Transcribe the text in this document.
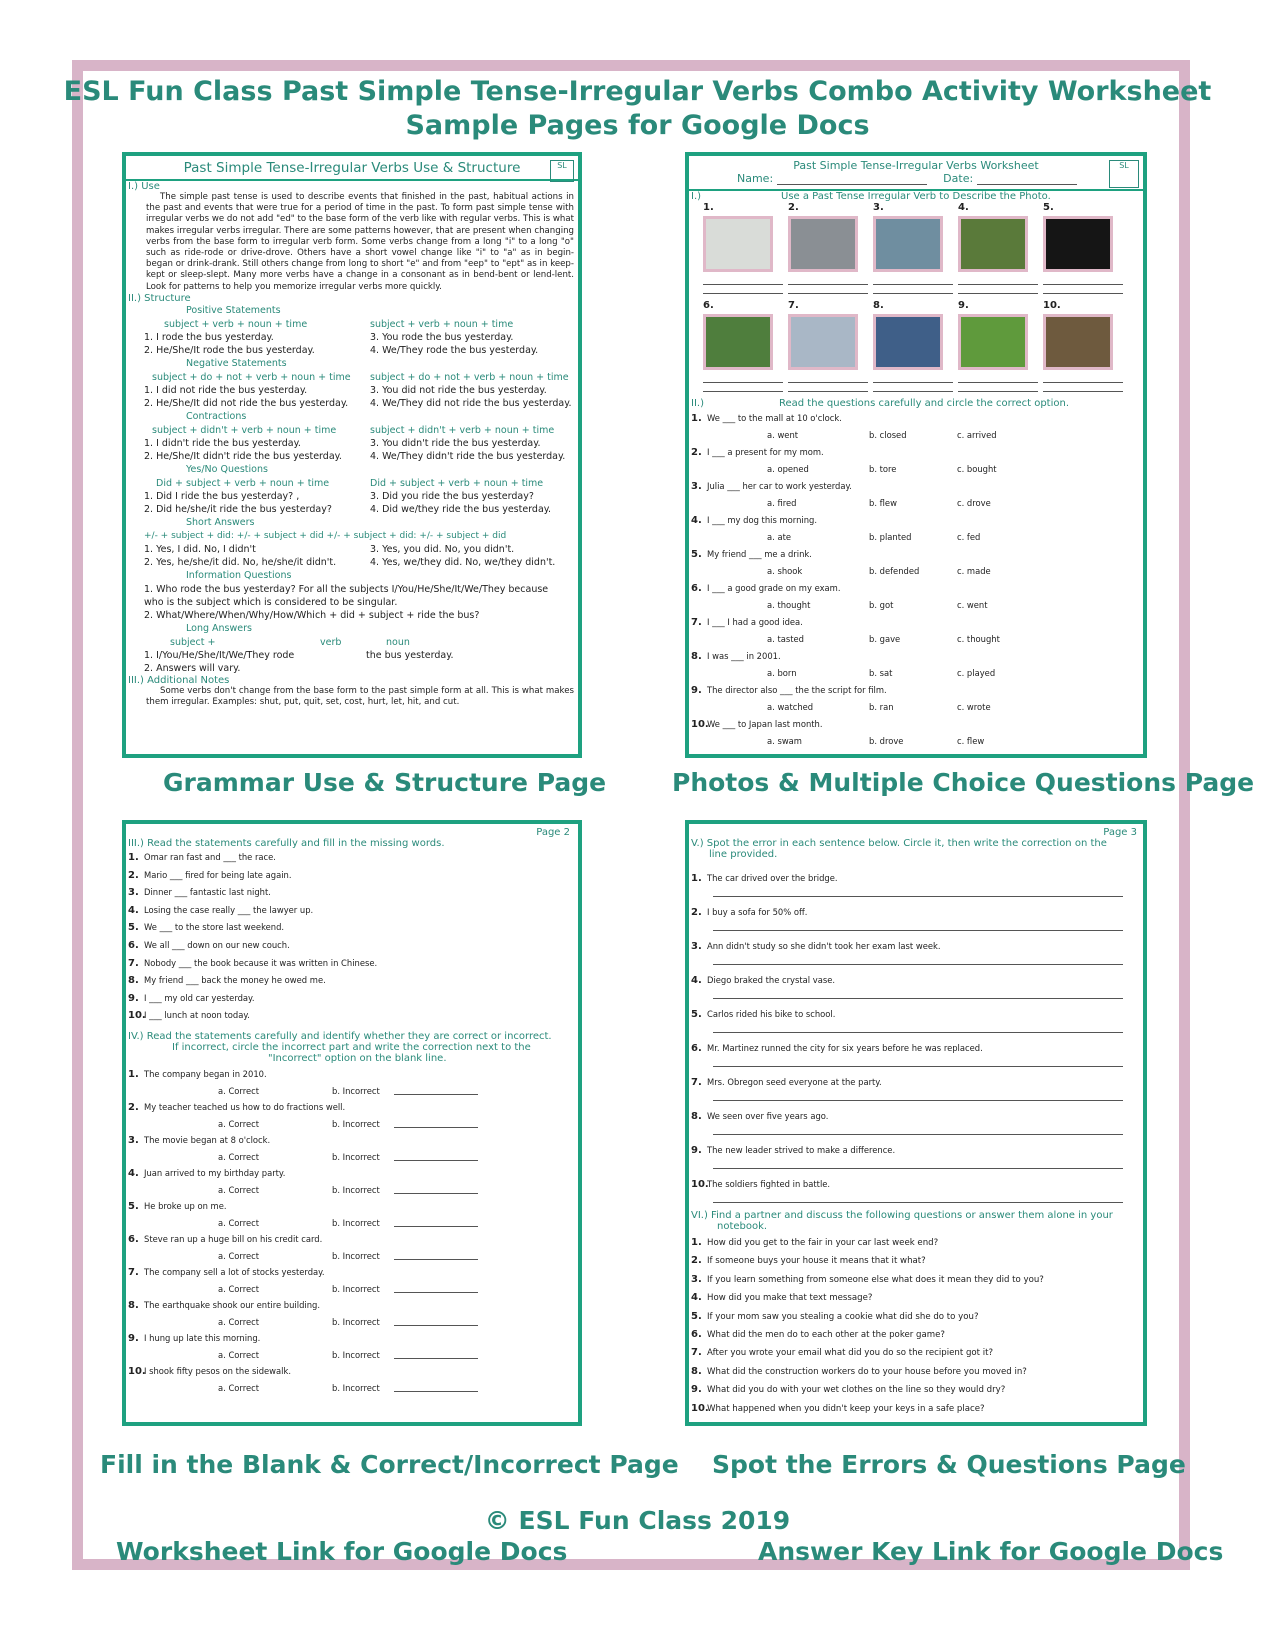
ESL Fun Class Past Simple Tense-Irregular Verbs Combo Activity Worksheet
Sample Pages for Google Docs
Past Simple Tense-Irregular Verbs Use & Structure	SL
I.) Use
The simple past tense is used to describe events that finished in the past, habitual actions in the past and events that were true for a period of time in the past. To form past simple tense with irregular verbs we do not add "ed" to the base form of the verb like with regular verbs. This is what makes irregular verbs irregular. There are some patterns however, that are present when changing verbs from the base form to irregular verb form. Some verbs change from a long "i" to a long "o" such as ride-rode or drive-drove. Others have a short vowel change like "i" to "a" as in begin-began or drink-drank. Still others change from long to short "e" and from "eep" to "ept" as in keep-kept or sleep-slept. Many more verbs have a change in a consonant as in bend-bent or lend-lent. Look for patterns to help you memorize irregular verbs more quickly.
II.) Structure
Positive Statements
subject + verb + noun + time	subject + verb + noun + time
1. I rode the bus yesterday.	3. You rode the bus yesterday.
2. He/She/It rode the bus yesterday.	4. We/They rode the bus yesterday.
Negative Statements
subject + do + not + verb + noun + time	subject + do + not + verb + noun + time
1. I did not ride the bus yesterday.	3. You did not ride the bus yesterday.
2. He/She/It did not ride the bus yesterday.	4. We/They did not ride the bus yesterday.
Contractions
subject + didn't + verb + noun + time	subject + didn't + verb + noun + time
1. I didn't ride the bus yesterday.	3. You didn't ride the bus yesterday.
2. He/She/It didn't ride the bus yesterday.	4. We/They didn't ride the bus yesterday.
Yes/No Questions
Did + subject + verb + noun + time	Did + subject + verb + noun + time
1. Did I ride the bus yesterday? ,	3. Did you ride the bus yesterday?
2. Did he/she/it ride the bus yesterday?	4. Did we/they ride the bus yesterday.
Short Answers
+/- + subject + did: +/- + subject + did +/- + subject + did: +/- + subject + did
1. Yes, I did. No, I didn't	3. Yes, you did. No, you didn't.
2. Yes, he/she/it did. No, he/she/it didn't.	4. Yes, we/they did. No, we/they didn't.
Information Questions
1. Who rode the bus yesterday? For all the subjects I/You/He/She/It/We/They because who is the subject which is considered to be singular.
2. What/Where/When/Why/How/Which + did + subject + ride the bus?
Long Answers
subject +	verb	noun
1. I/You/He/She/It/We/They rode	the bus yesterday.
2. Answers will vary.
III.) Additional Notes
Some verbs don't change from the base form to the past simple form at all. This is what makes them irregular. Examples: shut, put, quit, set, cost, hurt, let, hit, and cut.
Past Simple Tense-Irregular Verbs Worksheet
Name:	Date:
SL
I.)	Use a Past Tense Irregular Verb to Describe the Photo.
1.	2.	3.	4.	5.
6.	7.	8.	9.	10.
II.)	Read the questions carefully and circle the correct option.
1. We ___ to the mall at 10 o'clock.
a. went	b. closed	c. arrived
2. I ___ a present for my mom.
a. opened	b. tore	c. bought
3. Julia ___ her car to work yesterday.
a. fired	b. flew	c. drove
4. I ___ my dog this morning.
a. ate	b. planted	c. fed
5. My friend ___ me a drink.
a. shook	b. defended	c. made
6. I ___ a good grade on my exam.
a. thought	b. got	c. went
7. I ___ I had a good idea.
a. tasted	b. gave	c. thought
8. I was ___ in 2001.
a. born	b. sat	c. played
9. The director also ___ the the script for film.
a. watched	b. ran	c. wrote
10.We ___ to Japan last month.
a. swam	b. drove	c. flew
Page 2
III.) Read the statements carefully and fill in the missing words.
1. Omar ran fast and ___ the race.
2. Mario ___ fired for being late again.
3. Dinner ___ fantastic last night.
4. Losing the case really ___ the lawyer up.
5. We ___ to the store last weekend.
6. We all ___ down on our new couch.
7. Nobody ___ the book because it was written in Chinese.
8. My friend ___ back the money he owed me.
9. I ___ my old car yesterday.
10.I ___ lunch at noon today.
IV.) Read the statements carefully and identify whether they are correct or incorrect.
If incorrect, circle the incorrect part and write the correction next to the
"Incorrect" option on the blank line.
1. The company began in 2010.
a. Correct	b. Incorrect
2. My teacher teached us how to do fractions well.
a. Correct	b. Incorrect
3. The movie began at 8 o'clock.
a. Correct	b. Incorrect
4. Juan arrived to my birthday party.
a. Correct	b. Incorrect
5. He broke up on me.
a. Correct	b. Incorrect
6. Steve ran up a huge bill on his credit card.
a. Correct	b. Incorrect
7. The company sell a lot of stocks yesterday.
a. Correct	b. Incorrect
8. The earthquake shook our entire building.
a. Correct	b. Incorrect
9. I hung up late this morning.
a. Correct	b. Incorrect
10.I shook fifty pesos on the sidewalk.
a. Correct	b. Incorrect
Page 3
V.) Spot the error in each sentence below. Circle it, then write the correction on the
line provided.
1. The car drived over the bridge.
2. I buy a sofa for 50% off.
3. Ann didn't study so she didn't took her exam last week.
4. Diego braked the crystal vase.
5. Carlos rided his bike to school.
6. Mr. Martinez runned the city for six years before he was replaced.
7. Mrs. Obregon seed everyone at the party.
8. We seen over five years ago.
9. The new leader strived to make a difference.
10.The soldiers fighted in battle.
VI.) Find a partner and discuss the following questions or answer them alone in your
notebook.
1. How did you get to the fair in your car last week end?
2. If someone buys your house it means that it what?
3. If you learn something from someone else what does it mean they did to you?
4. How did you make that text message?
5. If your mom saw you stealing a cookie what did she do to you?
6. What did the men do to each other at the poker game?
7. After you wrote your email what did you do so the recipient got it?
8. What did the construction workers do to your house before you moved in?
9. What did you do with your wet clothes on the line so they would dry?
10.What happened when you didn't keep your keys in a safe place?
Grammar Use & Structure Page	Photos & Multiple Choice Questions Page
Fill in the Blank & Correct/Incorrect Page Spot the Errors & Questions Page
© ESL Fun Class 2019
Worksheet Link for Google Docs	Answer Key Link for Google Docs
